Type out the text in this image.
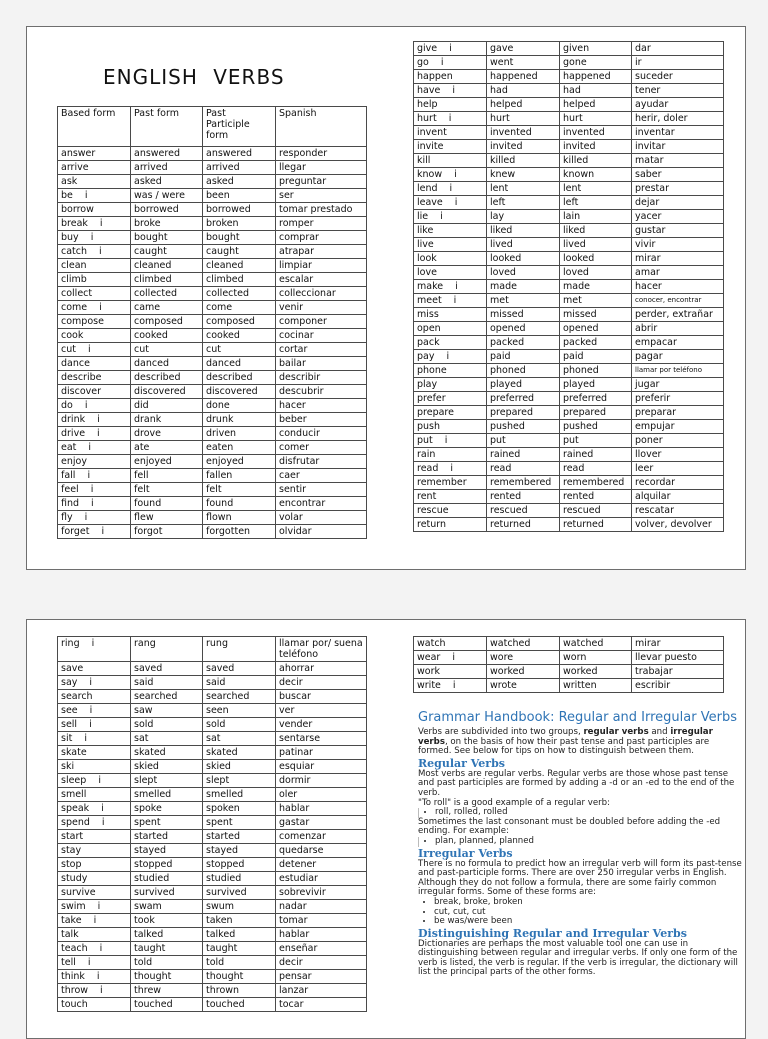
ENGLISH VERBS
Based form	Past form	Past Participle form	Spanish
answer	answered	answered	responder
arrive	arrived	arrived	llegar
ask	asked	asked	preguntar
be i	was / were	been	ser
borrow	borrowed	borrowed	tomar prestado
break i	broke	broken	romper
buy i	bought	bought	comprar
catch i	caught	caught	atrapar
clean	cleaned	cleaned	limpiar
climb	climbed	climbed	escalar
collect	collected	collected	colleccionar
come i	came	come	venir
compose	composed	composed	componer
cook	cooked	cooked	cocinar
cut i	cut	cut	cortar
dance	danced	danced	bailar
describe	described	described	describir
discover	discovered	discovered	descubrir
do i	did	done	hacer
drink i	drank	drunk	beber
drive i	drove	driven	conducir
eat i	ate	eaten	comer
enjoy	enjoyed	enjoyed	disfrutar
fall i	fell	fallen	caer
feel i	felt	felt	sentir
find i	found	found	encontrar
fly i	flew	flown	volar
forget i	forgot	forgotten	olvidar
give i	gave	given	dar
go i	went	gone	ir
happen	happened	happened	suceder
have i	had	had	tener
help	helped	helped	ayudar
hurt i	hurt	hurt	herir, doler
invent	invented	invented	inventar
invite	invited	invited	invitar
kill	killed	killed	matar
know i	knew	known	saber
lend i	lent	lent	prestar
leave i	left	left	dejar
lie i	lay	lain	yacer
like	liked	liked	gustar
live	lived	lived	vivir
look	looked	looked	mirar
love	loved	loved	amar
make i	made	made	hacer
meet i	met	met	conocer, encontrar
miss	missed	missed	perder, extrañar
open	opened	opened	abrir
pack	packed	packed	empacar
pay i	paid	paid	pagar
phone	phoned	phoned	llamar por teléfono
play	played	played	jugar
prefer	preferred	preferred	preferir
prepare	prepared	prepared	preparar
push	pushed	pushed	empujar
put i	put	put	poner
rain	rained	rained	llover
read i	read	read	leer
remember	remembered	remembered	recordar
rent	rented	rented	alquilar
rescue	rescued	rescued	rescatar
return	returned	returned	volver, devolver
ring i	rang	rung	llamar por/ suena teléfono
save	saved	saved	ahorrar
say i	said	said	decir
search	searched	searched	buscar
see i	saw	seen	ver
sell i	sold	sold	vender
sit i	sat	sat	sentarse
skate	skated	skated	patinar
ski	skied	skied	esquiar
sleep i	slept	slept	dormir
smell	smelled	smelled	oler
speak i	spoke	spoken	hablar
spend i	spent	spent	gastar
start	started	started	comenzar
stay	stayed	stayed	quedarse
stop	stopped	stopped	detener
study	studied	studied	estudiar
survive	survived	survived	sobrevivir
swim i	swam	swum	nadar
take i	took	taken	tomar
talk	talked	talked	hablar
teach i	taught	taught	enseñar
tell i	told	told	decir
think i	thought	thought	pensar
throw i	threw	thrown	lanzar
touch	touched	touched	tocar
watch	watched	watched	mirar
wear i	wore	worn	llevar puesto
work	worked	worked	trabajar
write i	wrote	written	escribir
Grammar Handbook: Regular and Irregular Verbs

Verbs are subdivided into two groups, regular verbs and irregular verbs, on the basis of how their past tense and past participles are formed. See below for tips on how to distinguish between them.

Regular Verbs

Most verbs are regular verbs. Regular verbs are those whose past tense and past participles are formed by adding a -d or an -ed to the end of the verb.

"To roll" is a good example of a regular verb:

• roll, rolled, rolled

Sometimes the last consonant must be doubled before adding the -ed ending. For example:

• plan, planned, planned
Irregular Verbs

There is no formula to predict how an irregular verb will form its past-tense and past-participle forms. There are over 250 irregular verbs in English. Although they do not follow a formula, there are some fairly common irregular forms. Some of these forms are:

• break, broke, broken
• cut, cut, cut
• be was/were been
Distinguishing Regular and Irregular Verbs

Dictionaries are perhaps the most valuable tool one can use in distinguishing between regular and irregular verbs. If only one form of the verb is listed, the verb is regular. If the verb is irregular, the dictionary will list the principal parts of the other forms.
